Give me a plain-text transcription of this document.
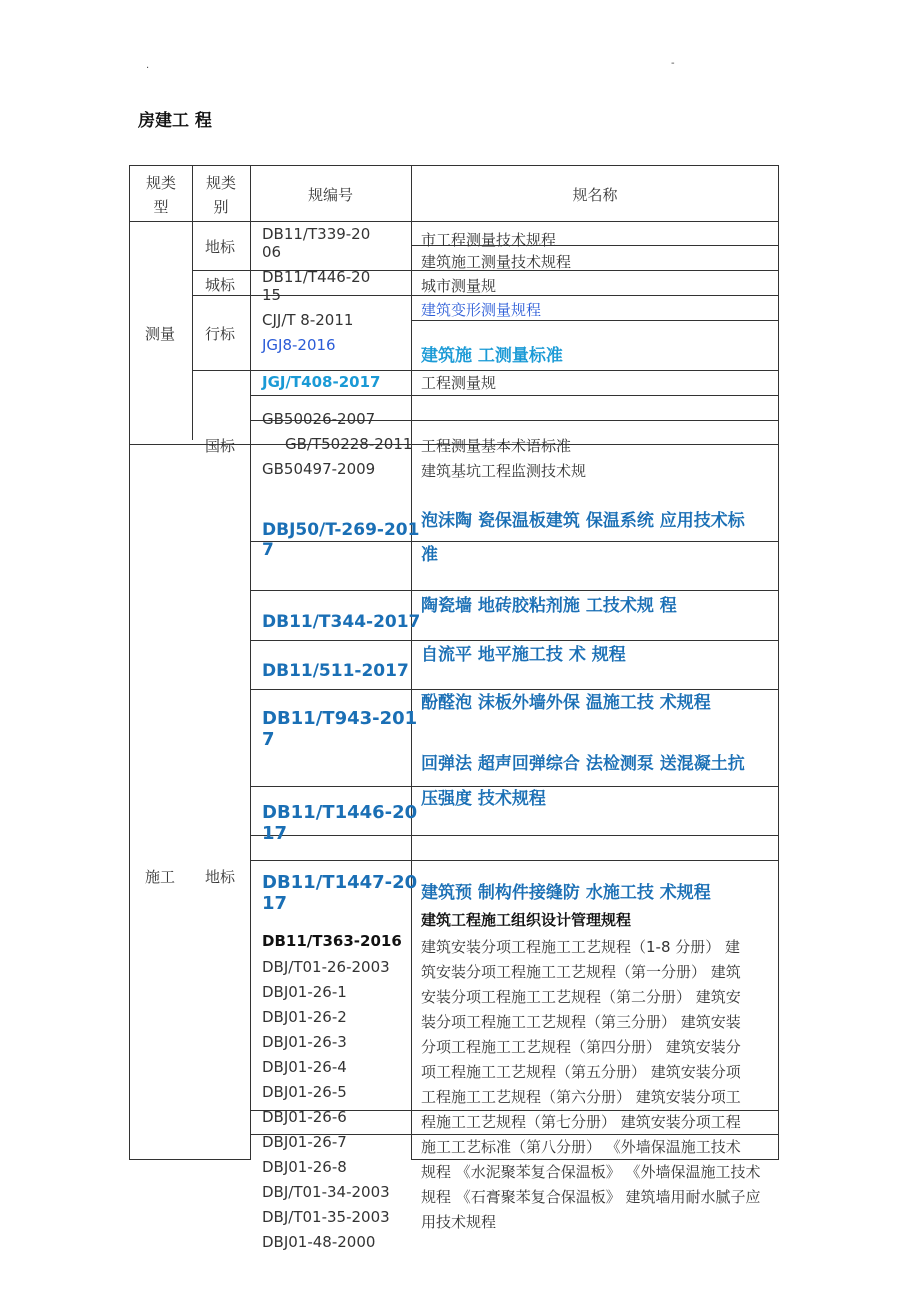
.	-
房建工 程
规类
型
规类
别
规编号	规名称
测量
施工
地标
城标
行标
国标
地标
DB11/T339-20
06
DB11/T446-20
15
CJJ/T 8-2011
JGJ8-2016
JGJ/T408-2017
GB50026-2007
GB/T50228-2011
GB50497-2009
DBJ50/T-269-201
7
DB11/T344-2017
DB11/511-2017
DB11/T943-201
7
DB11/T1446-20
17
DB11/T1447-20
17
DB11/T363-2016
DBJ/T01-26-2003
DBJ01-26-1
DBJ01-26-2
DBJ01-26-3
DBJ01-26-4
DBJ01-26-5
DBJ01-26-6
DBJ01-26-7
DBJ01-26-8
DBJ/T01-34-2003
DBJ/T01-35-2003
DBJ01-48-2000
市工程测量技术规程
建筑施工测量技术规程
城市测量规
建筑变形测量规程
建筑施 工测量标准
工程测量规
工程测量基本术语标准
建筑基坑工程监测技术规
泡沫陶 瓷保温板建筑 保温系统 应用技术标
准
陶瓷墙 地砖胶粘剂施 工技术规 程
自流平 地平施工技 术 规程
酚醛泡 沫板外墙外保 温施工技 术规程
回弹法 超声回弹综合 法检测泵 送混凝土抗
压强度 技术规程
建筑预 制构件接缝防 水施工技 术规程
建筑工程施工组织设计管理规程
建筑安装分项工程施工工艺规程（1-8 分册） 建
筑安装分项工程施工工艺规程（第一分册） 建筑
安装分项工程施工工艺规程（第二分册） 建筑安
装分项工程施工工艺规程（第三分册） 建筑安装
分项工程施工工艺规程（第四分册） 建筑安装分
项工程施工工艺规程（第五分册） 建筑安装分项
工程施工工艺规程（第六分册） 建筑安装分项工
程施工工艺规程（第七分册） 建筑安装分项工程
施工工艺标准（第八分册） 《外墙保温施工技术
规程 《水泥聚苯复合保温板》 《外墙保温施工技术
规程 《石膏聚苯复合保温板》 建筑墙用耐水腻子应
用技术规程
